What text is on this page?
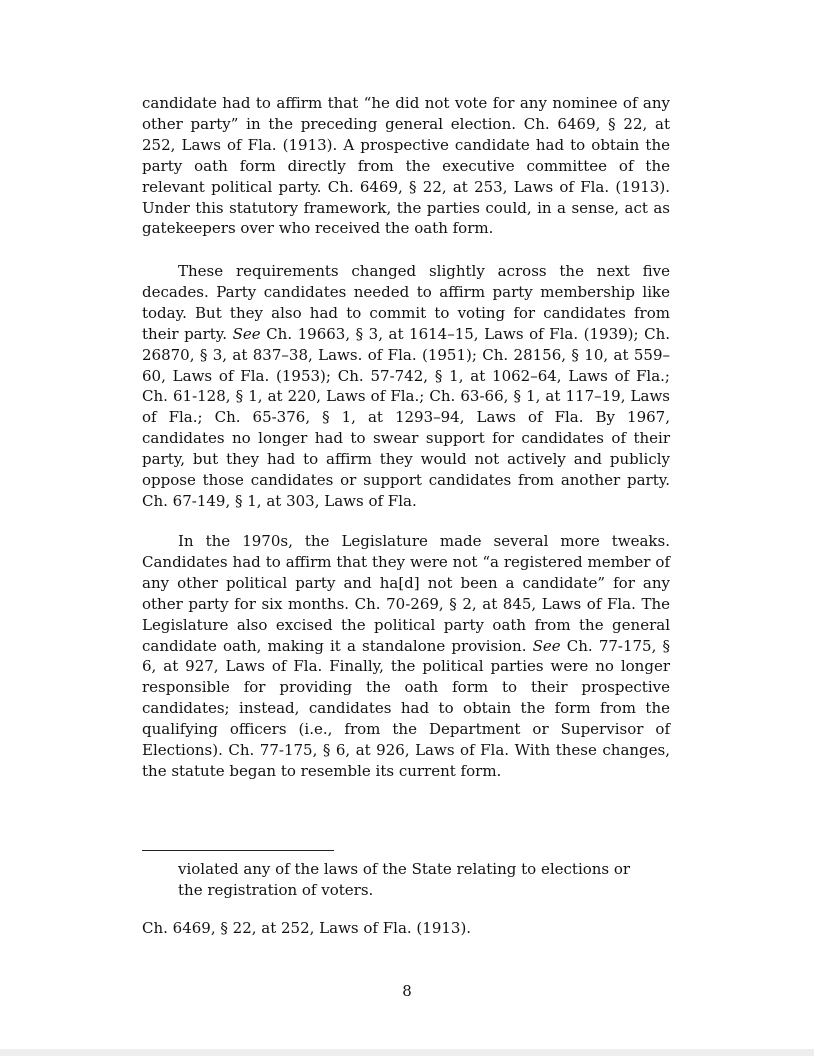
candidate had to affirm that “he did not vote for any nominee of any other party” in the preceding general election. Ch. 6469, § 22, at 252, Laws of Fla. (1913). A prospective candidate had to obtain the party oath form directly from the executive committee of the relevant political party. Ch. 6469, § 22, at 253, Laws of Fla. (1913). Under this statutory framework, the parties could, in a sense, act as gatekeepers over who received the oath form.

These requirements changed slightly across the next five decades. Party candidates needed to affirm party membership like today. But they also had to commit to voting for candidates from their party. See Ch. 19663, § 3, at 1614–15, Laws of Fla. (1939); Ch. 26870, § 3, at 837–38, Laws. of Fla. (1951); Ch. 28156, § 10, at 559–60, Laws of Fla. (1953); Ch. 57-742, § 1, at 1062–64, Laws of Fla.; Ch. 61-128, § 1, at 220, Laws of Fla.; Ch. 63-66, § 1, at 117–19, Laws of Fla.; Ch. 65-376, § 1, at 1293–94, Laws of Fla. By 1967, candidates no longer had to swear support for candidates of their party, but they had to affirm they would not actively and publicly oppose those candidates or support candidates from another party. Ch. 67-149, § 1, at 303, Laws of Fla.

In the 1970s, the Legislature made several more tweaks. Candidates had to affirm that they were not “a registered member of any other political party and ha[d] not been a candidate” for any other party for six months. Ch. 70-269, § 2, at 845, Laws of Fla. The Legislature also excised the political party oath from the general candidate oath, making it a standalone provision. See Ch. 77-175, § 6, at 927, Laws of Fla. Finally, the political parties were no longer responsible for providing the oath form to their prospective candidates; instead, candidates had to obtain the form from the qualifying officers (i.e., from the Department or Supervisor of Elections). Ch. 77-175, § 6, at 926, Laws of Fla. With these changes, the statute began to resemble its current form.

violated any of the laws of the State relating to elections or the registration of voters.
Ch. 6469, § 22, at 252, Laws of Fla. (1913).
8
